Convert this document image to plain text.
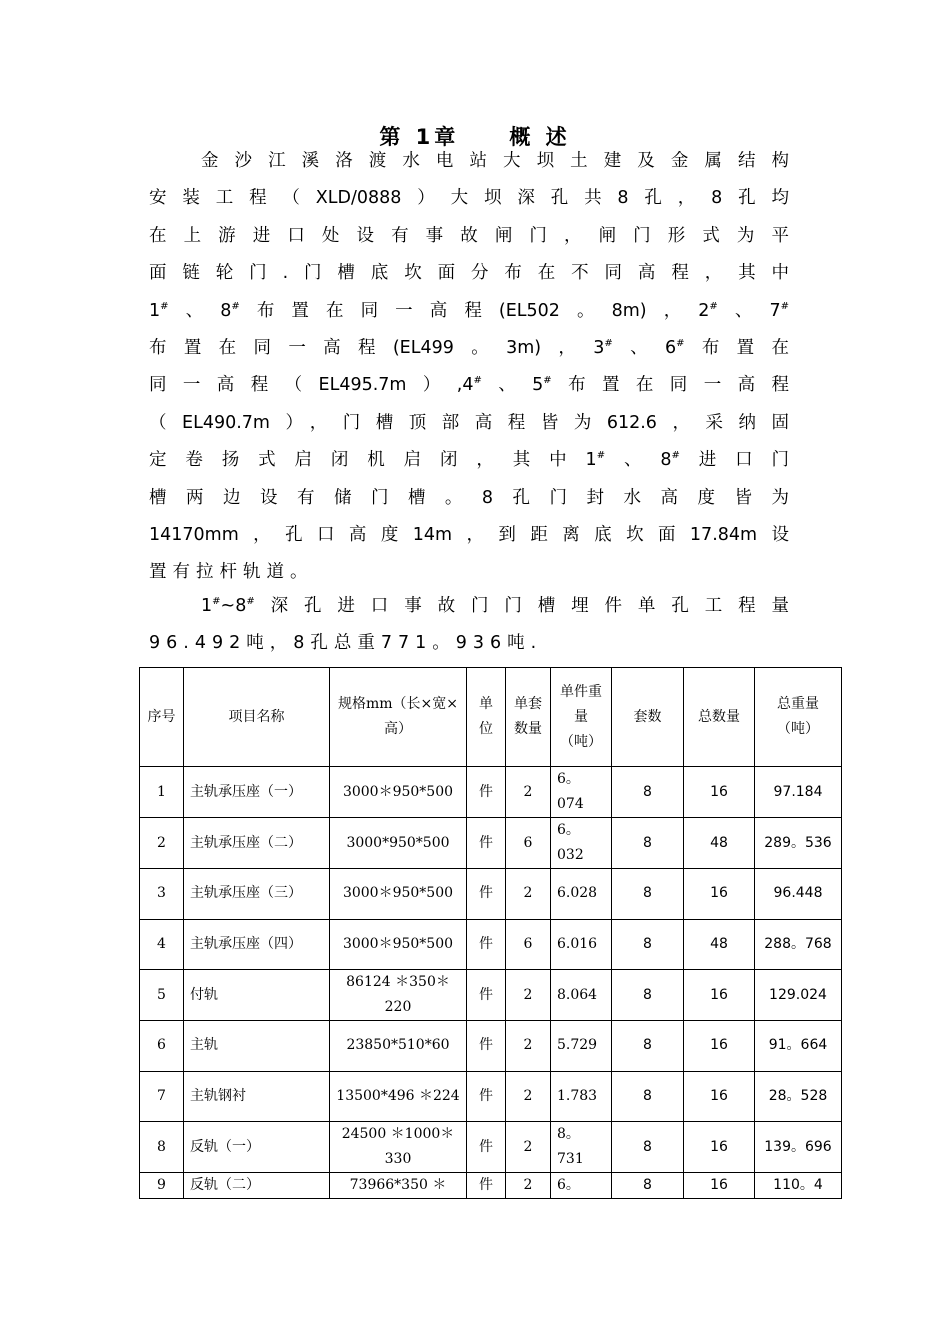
第 1章 概 述
金沙江溪洛渡水电站大坝土建及金属结构
安装工程（XLD/0888）大坝深孔共8孔，8孔均
在上游进口处设有事故闸门，闸门形式为平
面链轮门.门槽底坎面分布在不同高程，其中
1#、8#布置在同一高程(EL502。8m)，2#、7#
布置在同一高程(EL499。3m)，3#、6#布置在
同一高程（EL495.7m）,4#、5#布置在同一高程
（EL490.7m），门槽顶部高程皆为612.6，采纳固
定卷扬式启闭机启闭，其中1#、8#进口门
槽两边设有储门槽。8孔门封水高度皆为
14170mm，孔口高度14m，到距离底坎面17.84m设
置有拉杆轨道。
1#~8#深孔进口事故门门槽埋件单孔工程量
96.492吨，8孔总重771。936吨.
序号	项目名称	规格mm（长×宽×高）	单位	单套数量	单件重量（吨）	套数	总数量	总重量（吨）
1	主轨承压座（一）	3000＊950*500	件	2	6。074	8	16	97.184
2	主轨承压座（二）	3000*950*500	件	6	6。032	8	48	289。536
3	主轨承压座（三）	3000＊950*500	件	2	6.028	8	16	96.448
4	主轨承压座（四）	3000＊950*500	件	6	6.016	8	48	288。768
5	付轨	86124 ＊350＊220	件	2	8.064	8	16	129.024
6	主轨	23850*510*60	件	2	5.729	8	16	91。664
7	主轨钢衬	13500*496 ＊224	件	2	1.783	8	16	28。528
8	反轨（一）	24500 ＊1000＊330	件	2	8。731	8	16	139。696
9	反轨（二）	73966*350 ＊	件	2	6。	8	16	110。4
